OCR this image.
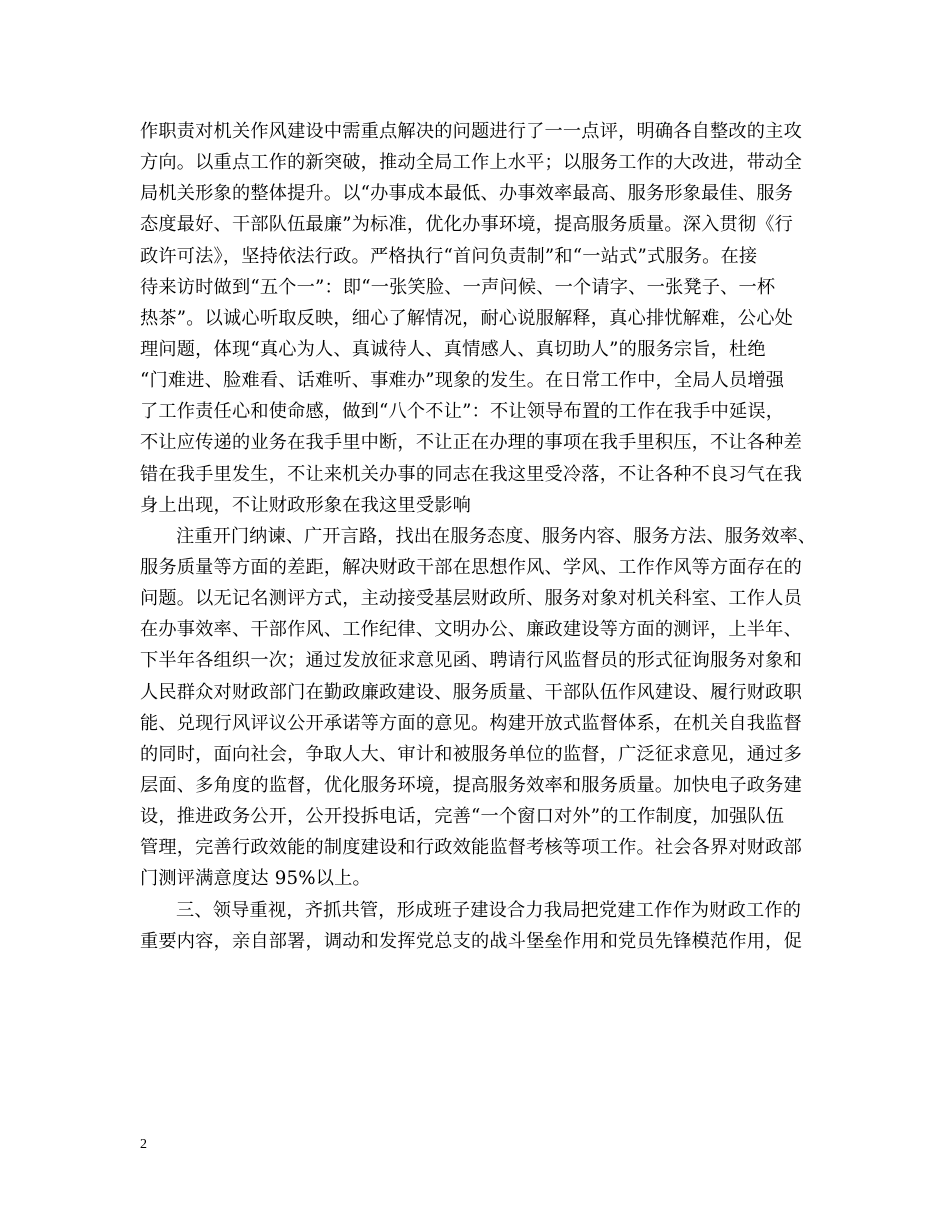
作职责对机关作风建设中需重点解决的问题进行了一一点评，明确各自整改的主攻
方向。以重点工作的新突破，推动全局工作上水平；以服务工作的大改进，带动全
局机关形象的整体提升。以“办事成本最低、办事效率最高、服务形象最佳、服务
态度最好、干部队伍最廉”为标准，优化办事环境，提高服务质量。深入贯彻《行
政许可法》，坚持依法行政。严格执行“首问负责制”和“一站式”式服务。在接
待来访时做到“五个一”：即“一张笑脸、一声问候、一个请字、一张凳子、一杯
热茶”。以诚心听取反映，细心了解情况，耐心说服解释，真心排忧解难，公心处
理问题，体现“真心为人、真诚待人、真情感人、真切助人”的服务宗旨，杜绝
“门难进、脸难看、话难听、事难办”现象的发生。在日常工作中，全局人员增强
了工作责任心和使命感，做到“八个不让”：不让领导布置的工作在我手中延误，
不让应传递的业务在我手里中断，不让正在办理的事项在我手里积压，不让各种差
错在我手里发生，不让来机关办事的同志在我这里受冷落，不让各种不良习气在我
身上出现，不让财政形象在我这里受影响
注重开门纳谏、广开言路，找出在服务态度、服务内容、服务方法、服务效率、
服务质量等方面的差距，解决财政干部在思想作风、学风、工作作风等方面存在的
问题。以无记名测评方式，主动接受基层财政所、服务对象对机关科室、工作人员
在办事效率、干部作风、工作纪律、文明办公、廉政建设等方面的测评，上半年、
下半年各组织一次；通过发放征求意见函、聘请行风监督员的形式征询服务对象和
人民群众对财政部门在勤政廉政建设、服务质量、干部队伍作风建设、履行财政职
能、兑现行风评议公开承诺等方面的意见。构建开放式监督体系，在机关自我监督
的同时，面向社会，争取人大、审计和被服务单位的监督，广泛征求意见，通过多
层面、多角度的监督，优化服务环境，提高服务效率和服务质量。加快电子政务建
设，推进政务公开，公开投拆电话，完善“一个窗口对外”的工作制度，加强队伍
管理，完善行政效能的制度建设和行政效能监督考核等项工作。社会各界对财政部
门测评满意度达 95%以上。
三、领导重视，齐抓共管，形成班子建设合力我局把党建工作作为财政工作的
重要内容，亲自部署，调动和发挥党总支的战斗堡垒作用和党员先锋模范作用，促
2
